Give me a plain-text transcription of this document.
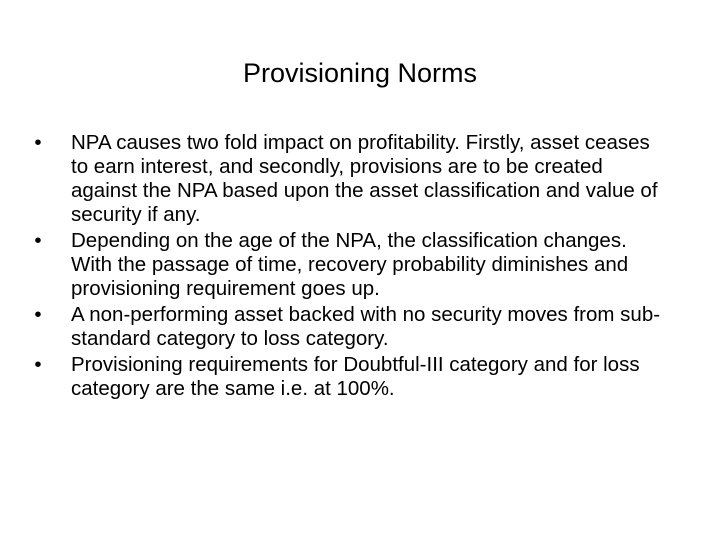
Provisioning Norms
•	NPA causes two fold impact on profitability. Firstly, asset ceases to earn interest, and secondly, provisions are to be created against the NPA based upon the asset classification and value of security if any.
•	Depending on the age of the NPA, the classification changes. With the passage of time, recovery probability diminishes and provisioning requirement goes up.
•	A non-performing asset backed with no security moves from sub-standard category to loss category.
•	Provisioning requirements for Doubtful-III category and for loss category are the same i.e. at 100%.
